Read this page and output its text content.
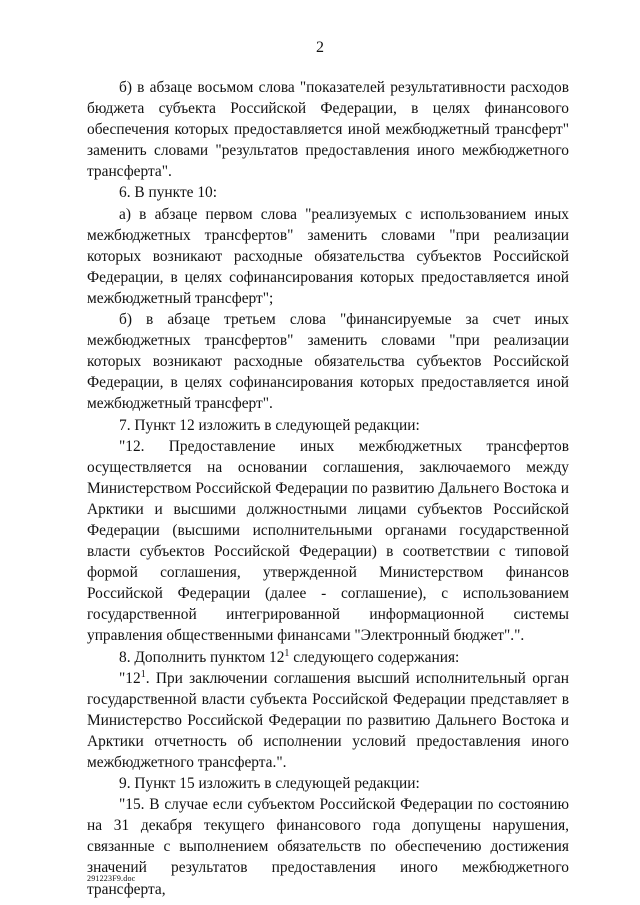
2

б) в абзаце восьмом слова "показателей результативности расходов бюджета субъекта Российской Федерации, в целях финансового обеспечения которых предоставляется иной межбюджетный трансферт" заменить словами "результатов предоставления иного межбюджетного трансферта".

6. В пункте 10:

а) в абзаце первом слова "реализуемых с использованием иных межбюджетных трансфертов" заменить словами "при реализации которых возникают расходные обязательства субъектов Российской Федерации, в целях софинансирования которых предоставляется иной межбюджетный трансферт";

б) в абзаце третьем слова "финансируемые за счет иных межбюджетных трансфертов" заменить словами "при реализации которых возникают расходные обязательства субъектов Российской Федерации, в целях софинансирования которых предоставляется иной межбюджетный трансферт".

7. Пункт 12 изложить в следующей редакции:

"12. Предоставление иных межбюджетных трансфертов осуществляется на основании соглашения, заключаемого между Министерством Российской Федерации по развитию Дальнего Востока и Арктики и высшими должностными лицами субъектов Российской Федерации (высшими исполнительными органами государственной власти субъектов Российской Федерации) в соответствии с типовой формой соглашения, утвержденной Министерством финансов Российской Федерации (далее - соглашение), с использованием государственной интегрированной информационной системы управления общественными финансами "Электронный бюджет".".

8. Дополнить пунктом $12^1$ следующего содержания:

"$12^1$. При заключении соглашения высший исполнительный орган государственной власти субъекта Российской Федерации представляет в Министерство Российской Федерации по развитию Дальнего Востока и Арктики отчетность об исполнении условий предоставления иного межбюджетного трансферта.".

9. Пункт 15 изложить в следующей редакции:

"15. В случае если субъектом Российской Федерации по состоянию на 31 декабря текущего финансового года допущены нарушения, связанные с выполнением обязательств по обеспечению достижения значений результатов предоставления иного межбюджетного трансферта,

291223F9.doc
